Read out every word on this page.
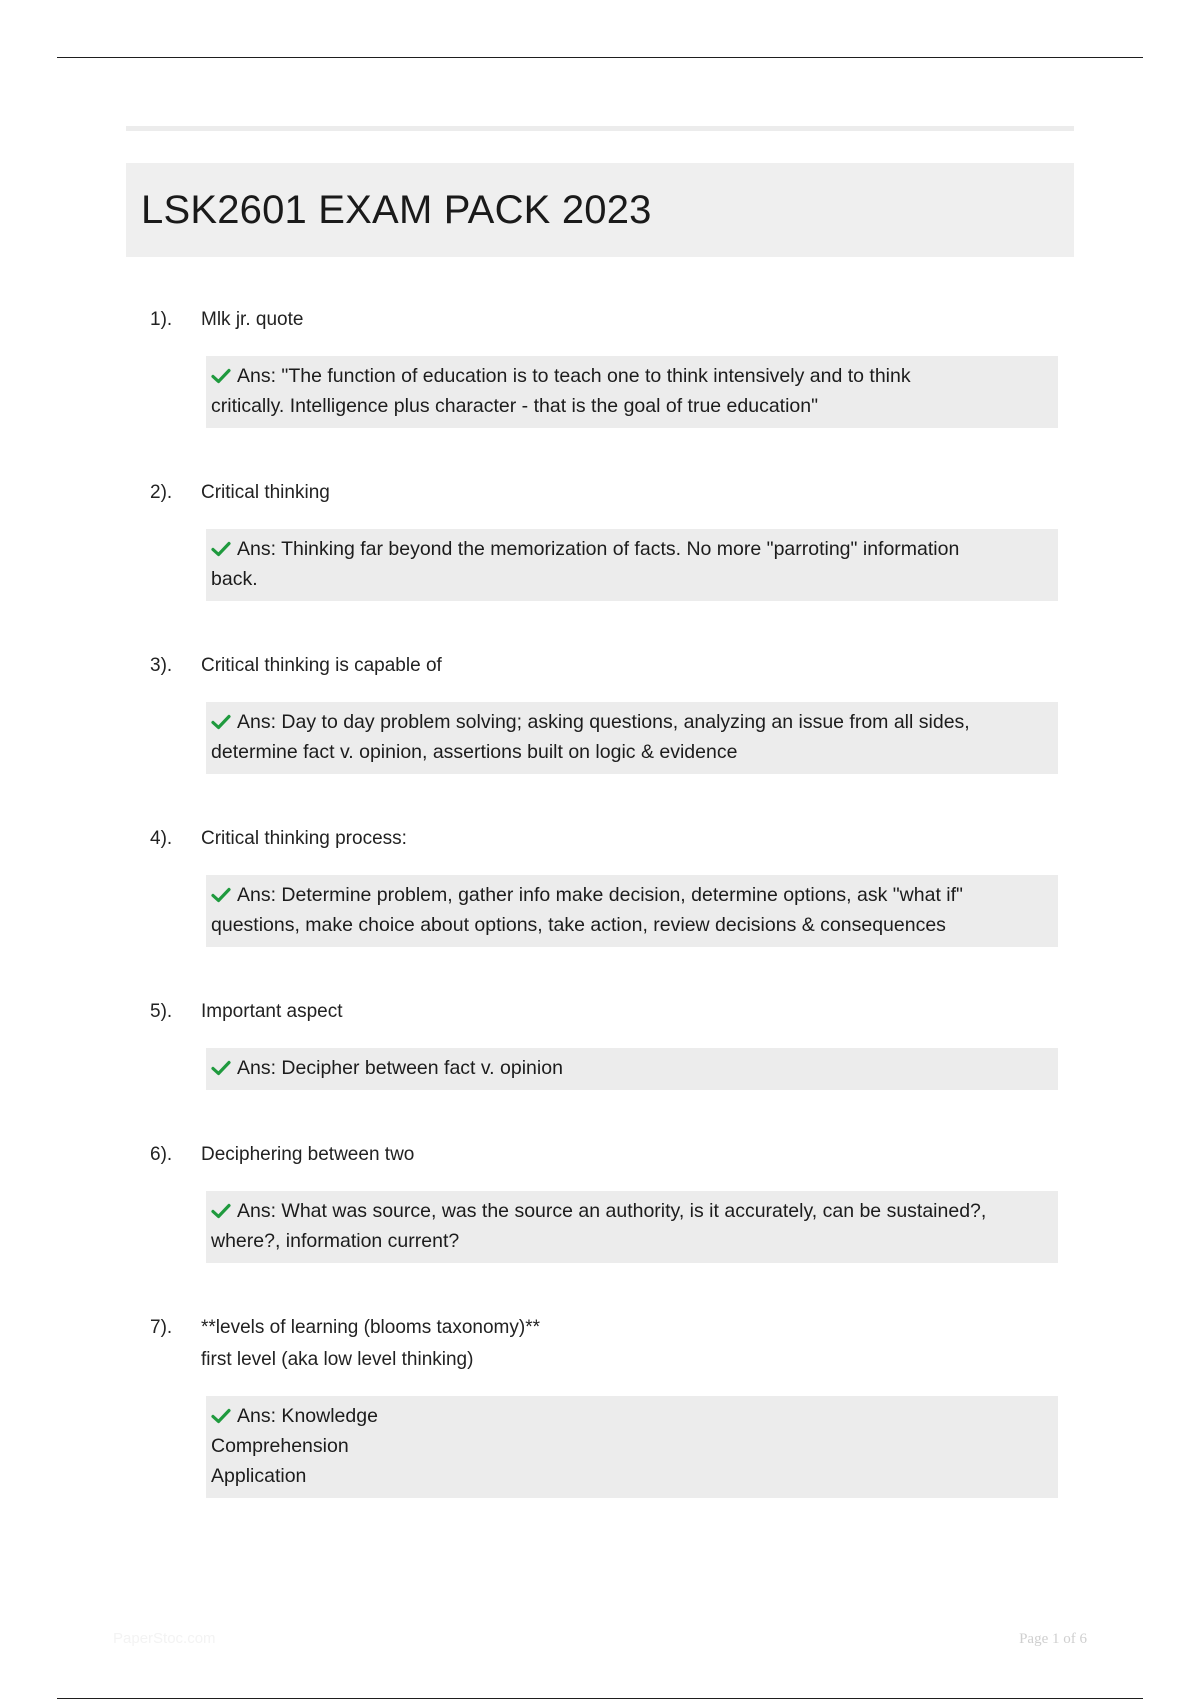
LSK2601 EXAM PACK 2023
1). Mlk jr. quote
Ans: "The function of education is to teach one to think intensively and to think
critically. Intelligence plus character - that is the goal of true education"
2). Critical thinking
Ans: Thinking far beyond the memorization of facts. No more "parroting" information
back.
3). Critical thinking is capable of
Ans: Day to day problem solving; asking questions, analyzing an issue from all sides,
determine fact v. opinion, assertions built on logic & evidence
4). Critical thinking process:
Ans: Determine problem, gather info make decision, determine options, ask "what if"
questions, make choice about options, take action, review decisions & consequences
5). Important aspect
Ans: Decipher between fact v. opinion
6). Deciphering between two
Ans: What was source, was the source an authority, is it accurately, can be sustained?,
where?, information current?
7). **levels of learning (blooms taxonomy)**
first level (aka low level thinking)
Ans: Knowledge
Comprehension
Application
PaperStoc.com	Page 1 of 6
